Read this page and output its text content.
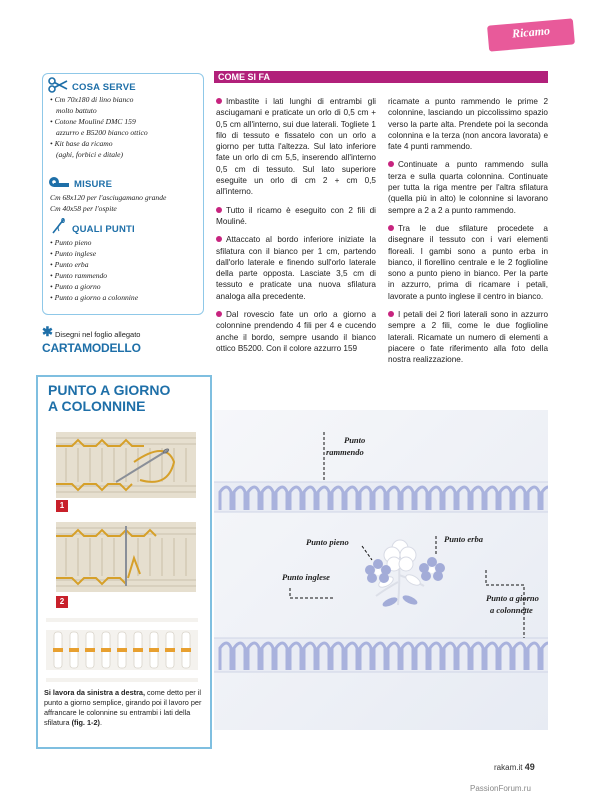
Ricamo
COSA SERVE
• Cm 70x180 di lino bianco
molto battuto
• Cotone Mouliné DMC 159
azzurro e B5200 bianco ottico
• Kit base da ricamo
(aghi, forbici e ditale)
MISURE
Cm 68x120 per l'asciugamano grande
Cm 40x58 per l'ospite
QUALI PUNTI
• Punto pieno
• Punto inglese
• Punto erba
• Punto rammendo
• Punto a giorno
• Punto a giorno a colonnine
✱ Disegni nel foglio allegato
CARTAMODELLO
PUNTO A GIORNO
A COLONNINE
1
2
Si lavora da sinistra a destra, come detto per il punto a giorno semplice, girando poi il lavoro per affrancare le colonnine su entrambi i lati della sfilatura (fig. 1-2).
COME SI FA

Imbastite i lati lunghi di entrambi gli asciugamani e praticate un orlo di 0,5 cm + 0,5 cm all'interno, sui due laterali. Togliete 1 filo di tessuto e fissatelo con un orlo a giorno per tutta l'altezza. Sul lato inferiore fate un orlo di cm 5,5, inserendo all'interno 0,5 cm di tessuto. Sul lato superiore eseguite un orlo di cm 2 + cm 0,5 all'interno.

Tutto il ricamo è eseguito con 2 fili di Mouliné.

Attaccato al bordo inferiore iniziate la sfilatura con il bianco per 1 cm, partendo dall'orlo laterale e finendo sull'orlo laterale della parte opposta. Lasciate 3,5 cm di tessuto e praticate una nuova sfilatura analoga alla precedente.

Dal rovescio fate un orlo a giorno a colonnine prendendo 4 fili per 4 e cucendo anche il bordo, sempre usando il bianco ottico B5200. Con il colore azzurro 159

ricamate a punto rammendo le prime 2 colonnine, lasciando un piccolissimo spazio verso la parte alta. Prendete poi la seconda colonnina e la terza (non ancora lavorata) e fate 4 punti rammendo.

Continuate a punto rammendo sulla terza e sulla quarta colonnina. Continuate per tutta la riga mentre per l'altra sfilatura (quella più in alto) le colonnine si lavorano sempre a 2 a 2 a punto rammendo.

Tra le due sfilature procedete a disegnare il tessuto con i vari elementi floreali. I gambi sono a punto erba in bianco, il fiorellino centrale e le 2 foglioline sono a punto pieno in bianco. Per la parte in azzurro, prima di ricamare i petali, lavorate a punto inglese il centro in bianco.

I petali dei 2 fiori laterali sono in azzurro sempre a 2 fili, come le due foglioline laterali. Ricamate un numero di elementi a piacere o fate riferimento alla foto della nostra realizzazione.

Punto
rammendo
Punto pieno	Punto erba
Punto inglese
Punto a giorno
a colonnette
rakam.it 49
PassionForum.ru
